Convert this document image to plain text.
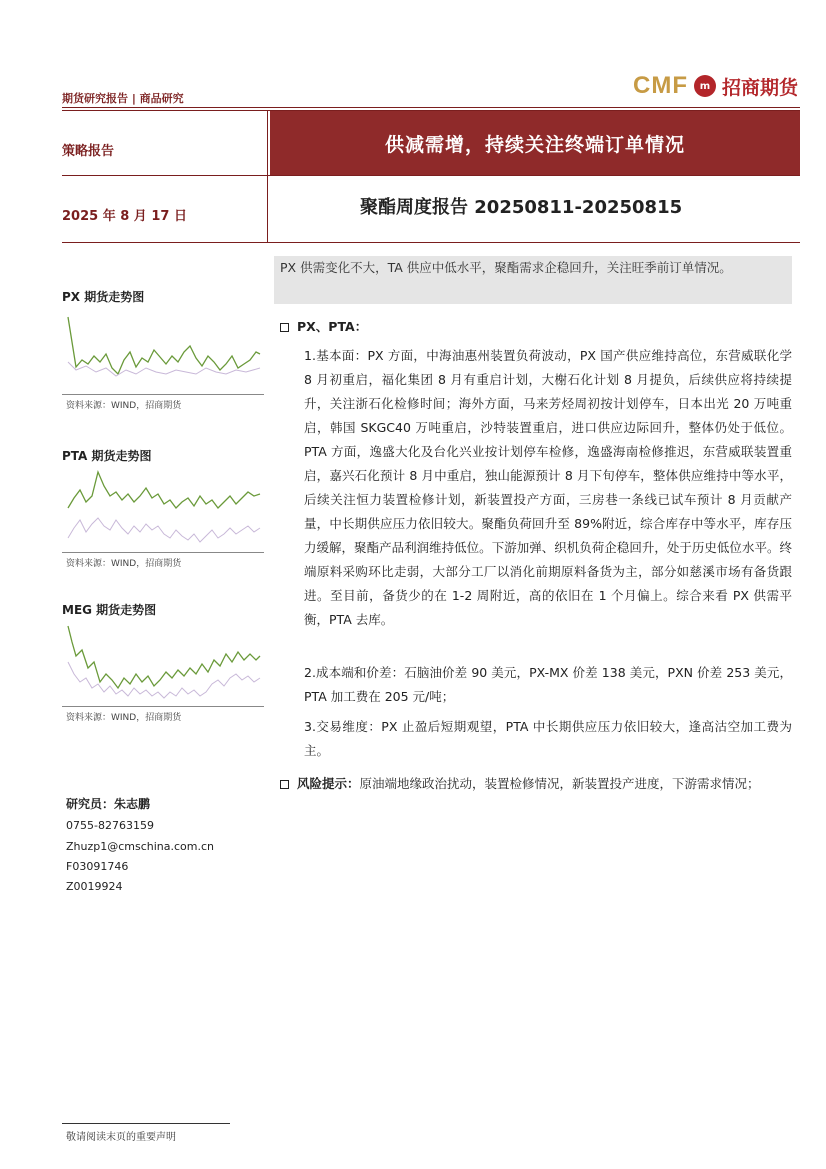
期货研究报告 | 商品研究	CMF	m 招商期货
策略报告	供减需增，持续关注终端订单情况
2025 年 8 月 17 日	聚酯周度报告 20250811-20250815
PX 期货走势图
资料来源：WIND，招商期货
PTA 期货走势图
资料来源：WIND，招商期货
MEG 期货走势图
资料来源：WIND，招商期货
研究员：朱志鹏
0755-82763159
Zhuzp1@cmschina.com.cn
F03091746
Z0019924
PX 供需变化不大，TA 供应中低水平，聚酯需求企稳回升，关注旺季前订单情况。

PX、PTA：

1.基本面：PX 方面，中海油惠州装置负荷波动，PX 国产供应维持高位，东营威联化学 8 月初重启，福化集团 8 月有重启计划，大榭石化计划 8 月提负，后续供应将持续提升，关注浙石化检修时间；海外方面，马来芳烃周初按计划停车，日本出光 20 万吨重启，韩国 SKGC40 万吨重启，沙特装置重启，进口供应边际回升，整体仍处于低位。PTA 方面，逸盛大化及台化兴业按计划停车检修，逸盛海南检修推迟，东营威联装置重启，嘉兴石化预计 8 月中重启，独山能源预计 8 月下旬停车，整体供应维持中等水平，后续关注恒力装置检修计划，新装置投产方面，三房巷一条线已试车预计 8 月贡献产量，中长期供应压力依旧较大。聚酯负荷回升至 89%附近，综合库存中等水平，库存压力缓解，聚酯产品利润维持低位。下游加弹、织机负荷企稳回升，处于历史低位水平。终端原料采购环比走弱，大部分工厂以消化前期原料备货为主，部分如慈溪市场有备货跟进。至目前，备货少的在 1-2 周附近，高的依旧在 1 个月偏上。综合来看 PX 供需平衡，PTA 去库。
2.成本端和价差：石脑油价差 90 美元，PX-MX 价差 138 美元，PXN 价差 253 美元，PTA 加工费在 205 元/吨；
3.交易维度：PX 止盈后短期观望，PTA 中长期供应压力依旧较大，逢高沽空加工费为主。

风险提示：原油端地缘政治扰动，装置检修情况，新装置投产进度，下游需求情况；

敬请阅读末页的重要声明
